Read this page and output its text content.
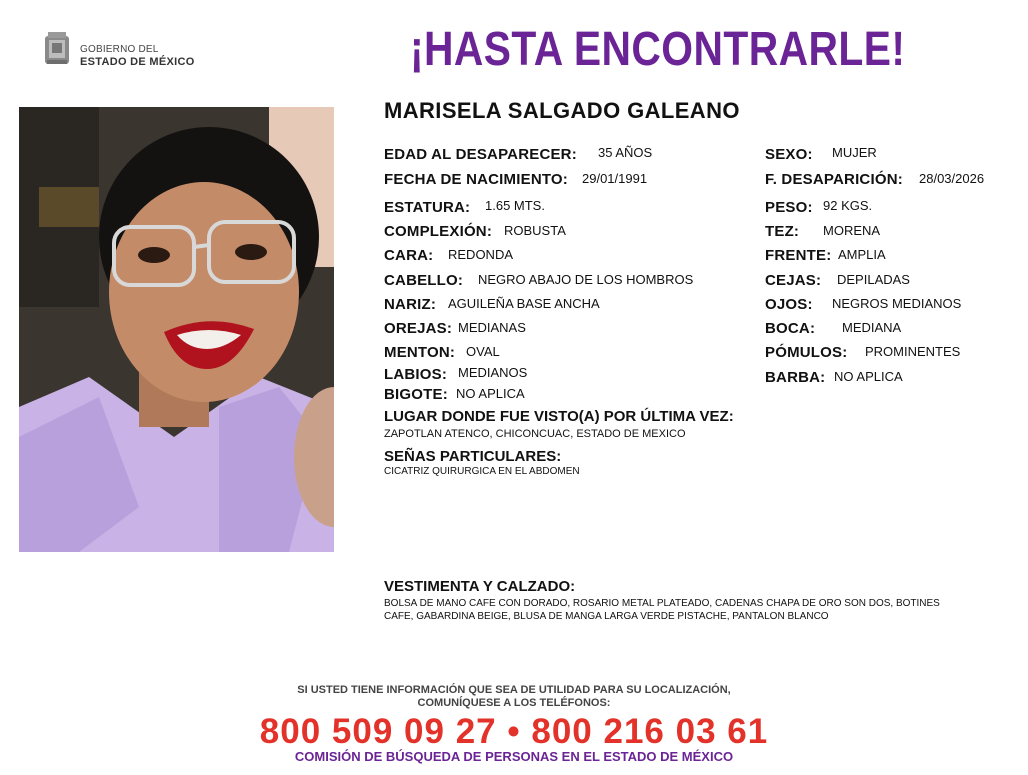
GOBIERNO DEL
ESTADO DE MÉXICO	¡HASTA ENCONTRARLE!
MARISELA SALGADO GALEANO
EDAD AL DESAPARECER: 35 AÑOS
FECHA DE NACIMIENTO: 29/01/1991
ESTATURA: 1.65 MTS.
COMPLEXIÓN: ROBUSTA
CARA: REDONDA
CABELLO: NEGRO ABAJO DE LOS HOMBROS
NARIZ: AGUILEÑA BASE ANCHA
OREJAS: MEDIANAS
MENTON: OVAL
LABIOS: MEDIANOS
BIGOTE: NO APLICA
SEXO: MUJER
F. DESAPARICIÓN: 28/03/2026
PESO: 92 KGS.
TEZ: MORENA
FRENTE: AMPLIA
CEJAS: DEPILADAS
OJOS: NEGROS MEDIANOS
BOCA: MEDIANA
PÓMULOS: PROMINENTES
BARBA: NO APLICA
LUGAR DONDE FUE VISTO(A) POR ÚLTIMA VEZ:
ZAPOTLAN ATENCO, CHICONCUAC, ESTADO DE MEXICO
SEÑAS PARTICULARES:
CICATRIZ QUIRURGICA EN EL ABDOMEN
VESTIMENTA Y CALZADO:
BOLSA DE MANO CAFE CON DORADO, ROSARIO METAL PLATEADO, CADENAS CHAPA DE ORO SON DOS, BOTINES
CAFE, GABARDINA BEIGE, BLUSA DE MANGA LARGA VERDE PISTACHE, PANTALON BLANCO
SI USTED TIENE INFORMACIÓN QUE SEA DE UTILIDAD PARA SU LOCALIZACIÓN,
COMUNÍQUESE A LOS TELÉFONOS:
800 509 09 27 • 800 216 03 61
COMISIÓN DE BÚSQUEDA DE PERSONAS EN EL ESTADO DE MÉXICO
